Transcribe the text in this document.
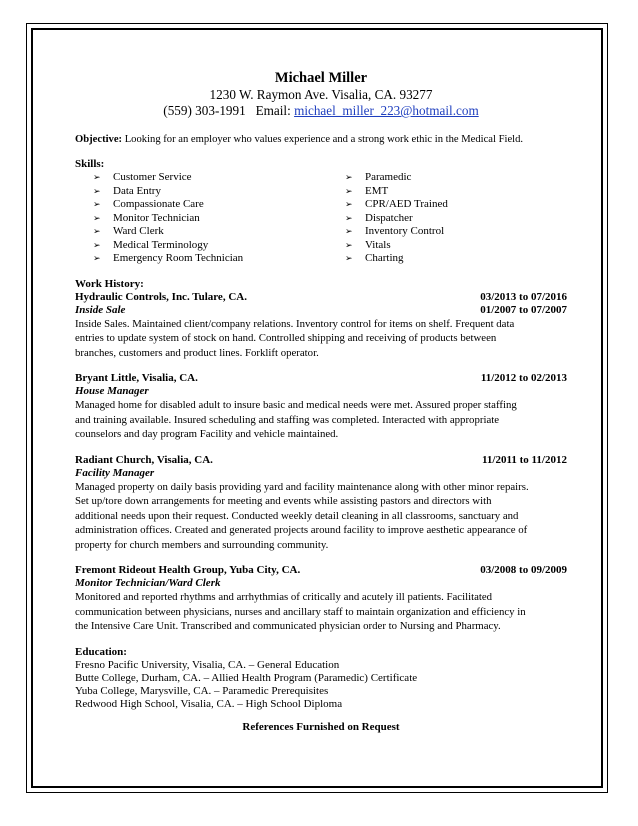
Michael Miller
1230 W. Raymon Ave. Visalia, CA. 93277
(559) 303-1991   Email: michael_miller_223@hotmail.com
Objective: Looking for an employer who values experience and a strong work ethic in the Medical Field.
Skills:
➢	Customer Service
➢	Data Entry
➢	Compassionate Care
➢	Monitor Technician
➢	Ward Clerk
➢	Medical Terminology
➢	Emergency Room Technician
➢	Paramedic
➢	EMT
➢	CPR/AED Trained
➢	Dispatcher
➢	Inventory Control
➢	Vitals
➢	Charting
Work History:
Hydraulic Controls, Inc. Tulare, CA.	03/2013 to 07/2016
Inside Sale	01/2007 to 07/2007
Inside Sales. Maintained client/company relations. Inventory control for items on shelf. Frequent data
entries to update system of stock on hand. Controlled shipping and receiving of products between
branches, customers and product lines. Forklift operator.
Bryant Little, Visalia, CA.	11/2012 to 02/2013
House Manager
Managed home for disabled adult to insure basic and medical needs were met. Assured proper staffing
and training available. Insured scheduling and staffing was completed. Interacted with appropriate
counselors and day program Facility and vehicle maintained.
Radiant Church, Visalia, CA.	11/2011 to 11/2012
Facility Manager
Managed property on daily basis providing yard and facility maintenance along with other minor repairs.
Set up/tore down arrangements for meeting and events while assisting pastors and directors with
additional needs upon their request. Conducted weekly detail cleaning in all classrooms, sanctuary and
administration offices. Created and generated projects around facility to improve aesthetic appearance of
property for church members and surrounding community.
Fremont Rideout Health Group, Yuba City, CA.	03/2008 to 09/2009
Monitor Technician/Ward Clerk
Monitored and reported rhythms and arrhythmias of critically and acutely ill patients. Facilitated
communication between physicians, nurses and ancillary staff to maintain organization and efficiency in
the Intensive Care Unit. Transcribed and communicated physician order to Nursing and Pharmacy.
Education:
Fresno Pacific University, Visalia, CA. – General Education
Butte College, Durham, CA. – Allied Health Program (Paramedic) Certificate
Yuba College, Marysville, CA. – Paramedic Prerequisites
Redwood High School, Visalia, CA. – High School Diploma
References Furnished on Request
